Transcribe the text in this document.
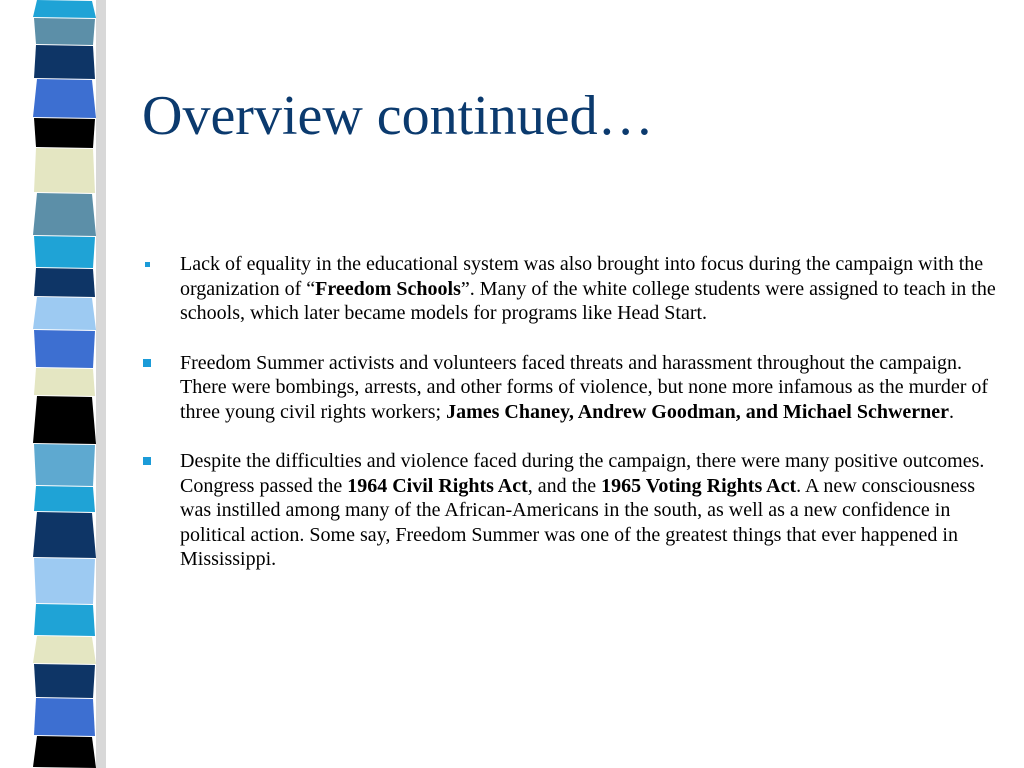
Overview continued…
Lack of equality in the educational system was also brought into focus during the campaign with the organization of “Freedom Schools”. Many of the white college students were assigned to teach in the schools, which later became models for programs like Head Start.
Freedom Summer activists and volunteers faced threats and harassment throughout the campaign. There were bombings, arrests, and other forms of violence, but none more infamous as the murder of three young civil rights workers; James Chaney, Andrew Goodman, and Michael Schwerner.
Despite the difficulties and violence faced during the campaign, there were many positive outcomes. Congress passed the 1964 Civil Rights Act, and the 1965 Voting Rights Act. A new consciousness was instilled among many of the African-Americans in the south, as well as a new confidence in political action. Some say, Freedom Summer was one of the greatest things that ever happened in Mississippi.
